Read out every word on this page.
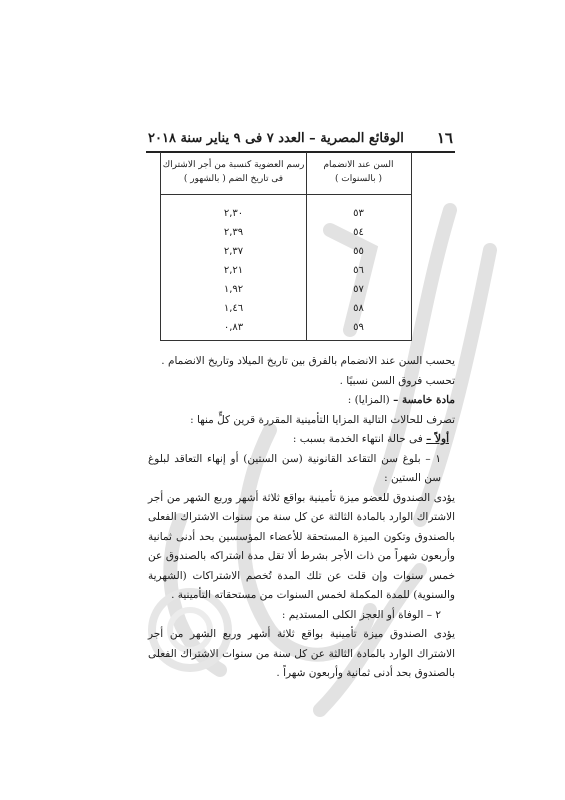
١٦
الوقائع المصرية – العدد ٧ فى ٩ يناير سنة ٢٠١٨
السن عند الانضمام
( بالسنوات )
رسم العضوية كنسبة من أجر الاشتراك
فى تاريخ الضم ( بالشهور )
٥٣
٢,٣٠
٥٤
٢,٣٩
٥٥
٢,٣٧
٥٦
٢,٢١
٥٧
١,٩٢
٥٨
١,٤٦
٥٩
٠,٨٣

يحسب السن عند الانضمام بالفرق بين تاريخ الميلاد وتاريخ الانضمام .

تحسب فروق السن نسبيًا .

مادة خامسة – (المزايا) :

تصرف للحالات التالية المزايا التأمينية المقررة قرين كلٍّ منها :

أولاً – فى حالة انتهاء الخدمة بسبب :

١ – بلوغ سن التقاعد القانونية (سن الستين) أو إنهاء التعاقد لبلوغ سن الستين :

يؤدى الصندوق للعضو ميزة تأمينية بواقع ثلاثة أشهر وربع الشهر من أجر الاشتراك الوارد بالمادة الثالثة عن كل سنة من سنوات الاشتراك الفعلى بالصندوق وتكون الميزة المستحقة للأعضاء المؤسسين بحد أدنى ثمانية وأربعون شهراً من ذات الأجر بشرط ألا تقل مدة اشتراكه بالصندوق عن خمس سنوات وإن قلت عن تلك المدة تُخصم الاشتراكات (الشهرية والسنوية) للمدة المكملة لخمس السنوات من مستحقاته التأمينية .

٢ – الوفاة أو العجز الكلى المستديم :

يؤدى الصندوق ميزة تأمينية بواقع ثلاثة أشهر وربع الشهر من أجر الاشتراك الوارد بالمادة الثالثة عن كل سنة من سنوات الاشتراك الفعلى بالصندوق بحد أدنى ثمانية وأربعون شهراً .
